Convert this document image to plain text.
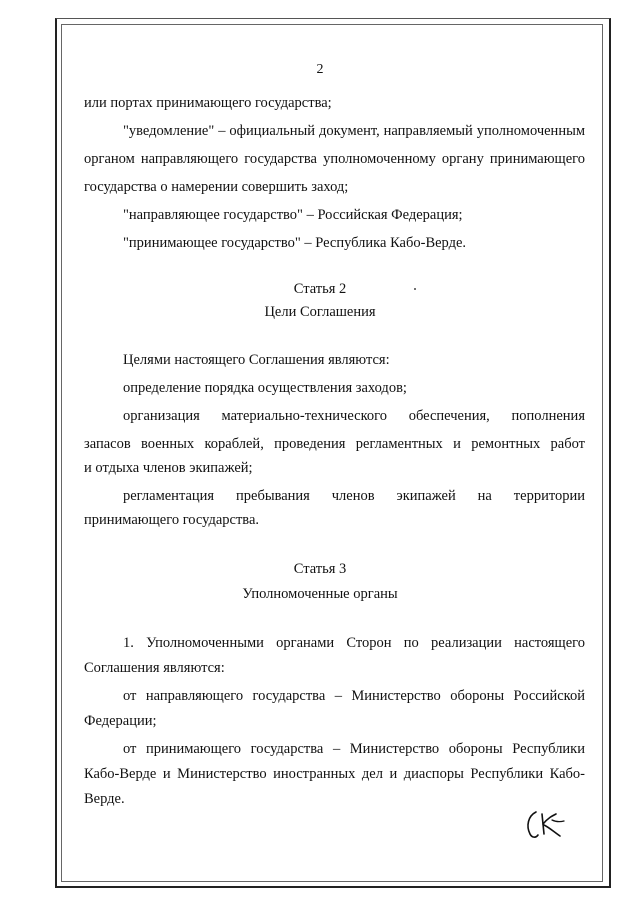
2
или портах принимающего государства;
"уведомление" – официальный документ, направляемый уполномоченным
органом направляющего государства уполномоченному органу принимающего
государства о намерении совершить заход;
"направляющее государство" – Российская Федерация;
"принимающее государство" – Республика Кабо-Верде.
Статья 2
Цели Соглашения
Целями настоящего Соглашения являются:
определение порядка осуществления заходов;
организация материально-технического обеспечения, пополнения
запасов военных кораблей, проведения регламентных и ремонтных работ
и отдыха членов экипажей;
регламентация пребывания членов экипажей на территории
принимающего государства.
Статья 3
Уполномоченные органы
1. Уполномоченными органами Сторон по реализации настоящего
Соглашения являются:
от направляющего государства – Министерство обороны Российской
Федерации;
от принимающего государства – Министерство обороны Республики
Кабо-Верде и Министерство иностранных дел и диаспоры Республики Кабо-
Верде.
